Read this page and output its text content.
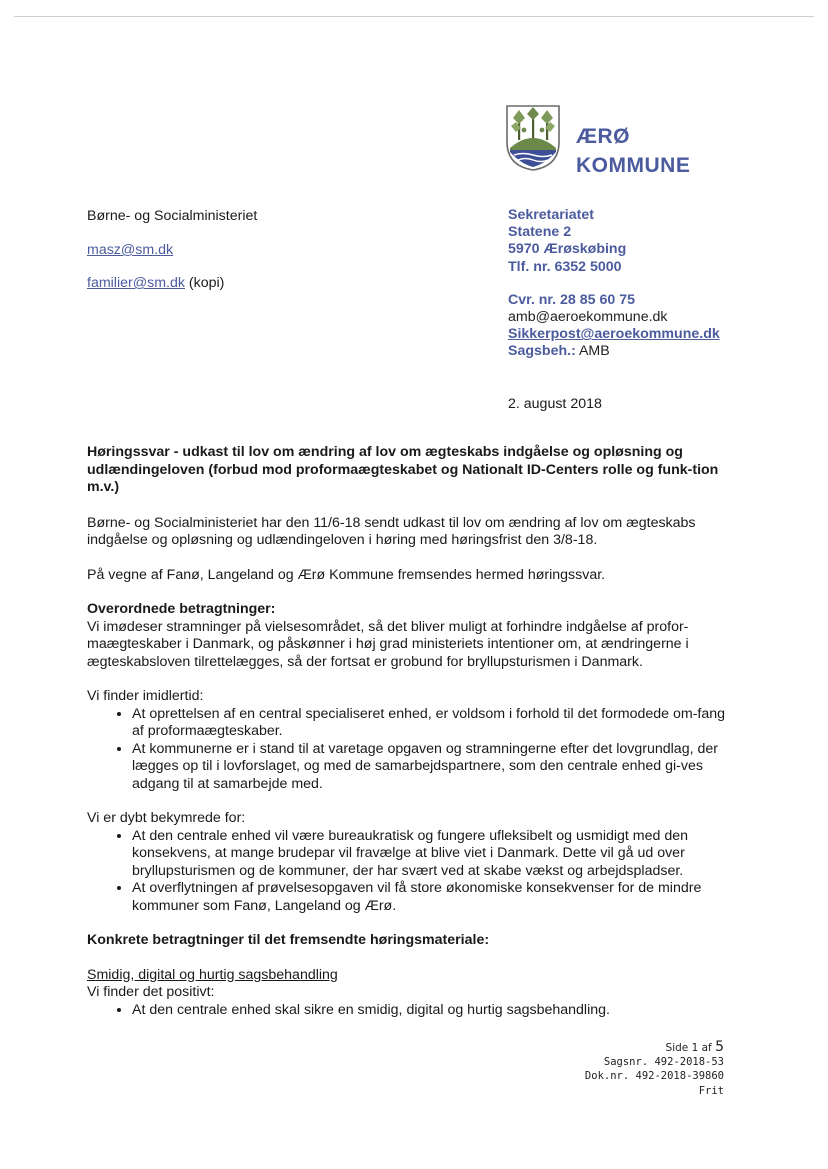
ÆRØ
KOMMUNE
Børne- og Socialministeriet
masz@sm.dk
familier@sm.dk (kopi)
Sekretariatet
Statene 2
5970 Ærøskøbing
Tlf. nr. 6352 5000
Cvr. nr. 28 85 60 75
amb@aeroekommune.dk
Sikkerpost@aeroekommune.dk
Sagsbeh.: AMB
2. august 2018

Høringssvar - udkast til lov om ændring af lov om ægteskabs indgåelse og opløsning og udlændingeloven (forbud mod proformaægteskabet og Nationalt ID-Centers rolle og funk-tion m.v.)

Børne- og Socialministeriet har den 11/6-18 sendt udkast til lov om ændring af lov om ægteskabs indgåelse og opløsning og udlændingeloven i høring med høringsfrist den 3/8-18.

På vegne af Fanø, Langeland og Ærø Kommune fremsendes hermed høringssvar.

Overordnede betragtninger:

Vi imødeser stramninger på vielsesområdet, så det bliver muligt at forhindre indgåelse af profor-maægteskaber i Danmark, og påskønner i høj grad ministeriets intentioner om, at ændringerne i ægteskabsloven tilrettelægges, så der fortsat er grobund for bryllupsturismen i Danmark.

Vi finder imidlertid:

• At oprettelsen af en central specialiseret enhed, er voldsom i forhold til det formodede om-fang af proformaægteskaber.
• At kommunerne er i stand til at varetage opgaven og stramningerne efter det lovgrundlag, der lægges op til i lovforslaget, og med de samarbejdspartnere, som den centrale enhed gi-ves adgang til at samarbejde med.

Vi er dybt bekymrede for:

• At den centrale enhed vil være bureaukratisk og fungere ufleksibelt og usmidigt med den konsekvens, at mange brudepar vil fravælge at blive viet i Danmark. Dette vil gå ud over bryllupsturismen og de kommuner, der har svært ved at skabe vækst og arbejdspladser.
• At overflytningen af prøvelsesopgaven vil få store økonomiske konsekvenser for de mindre kommuner som Fanø, Langeland og Ærø.

Konkrete betragtninger til det fremsendte høringsmateriale:

Smidig, digital og hurtig sagsbehandling

Vi finder det positivt:

• At den centrale enhed skal sikre en smidig, digital og hurtig sagsbehandling.
Side 1 af 5
Sagsnr. 492-2018-53
Dok.nr. 492-2018-39860
Frit
